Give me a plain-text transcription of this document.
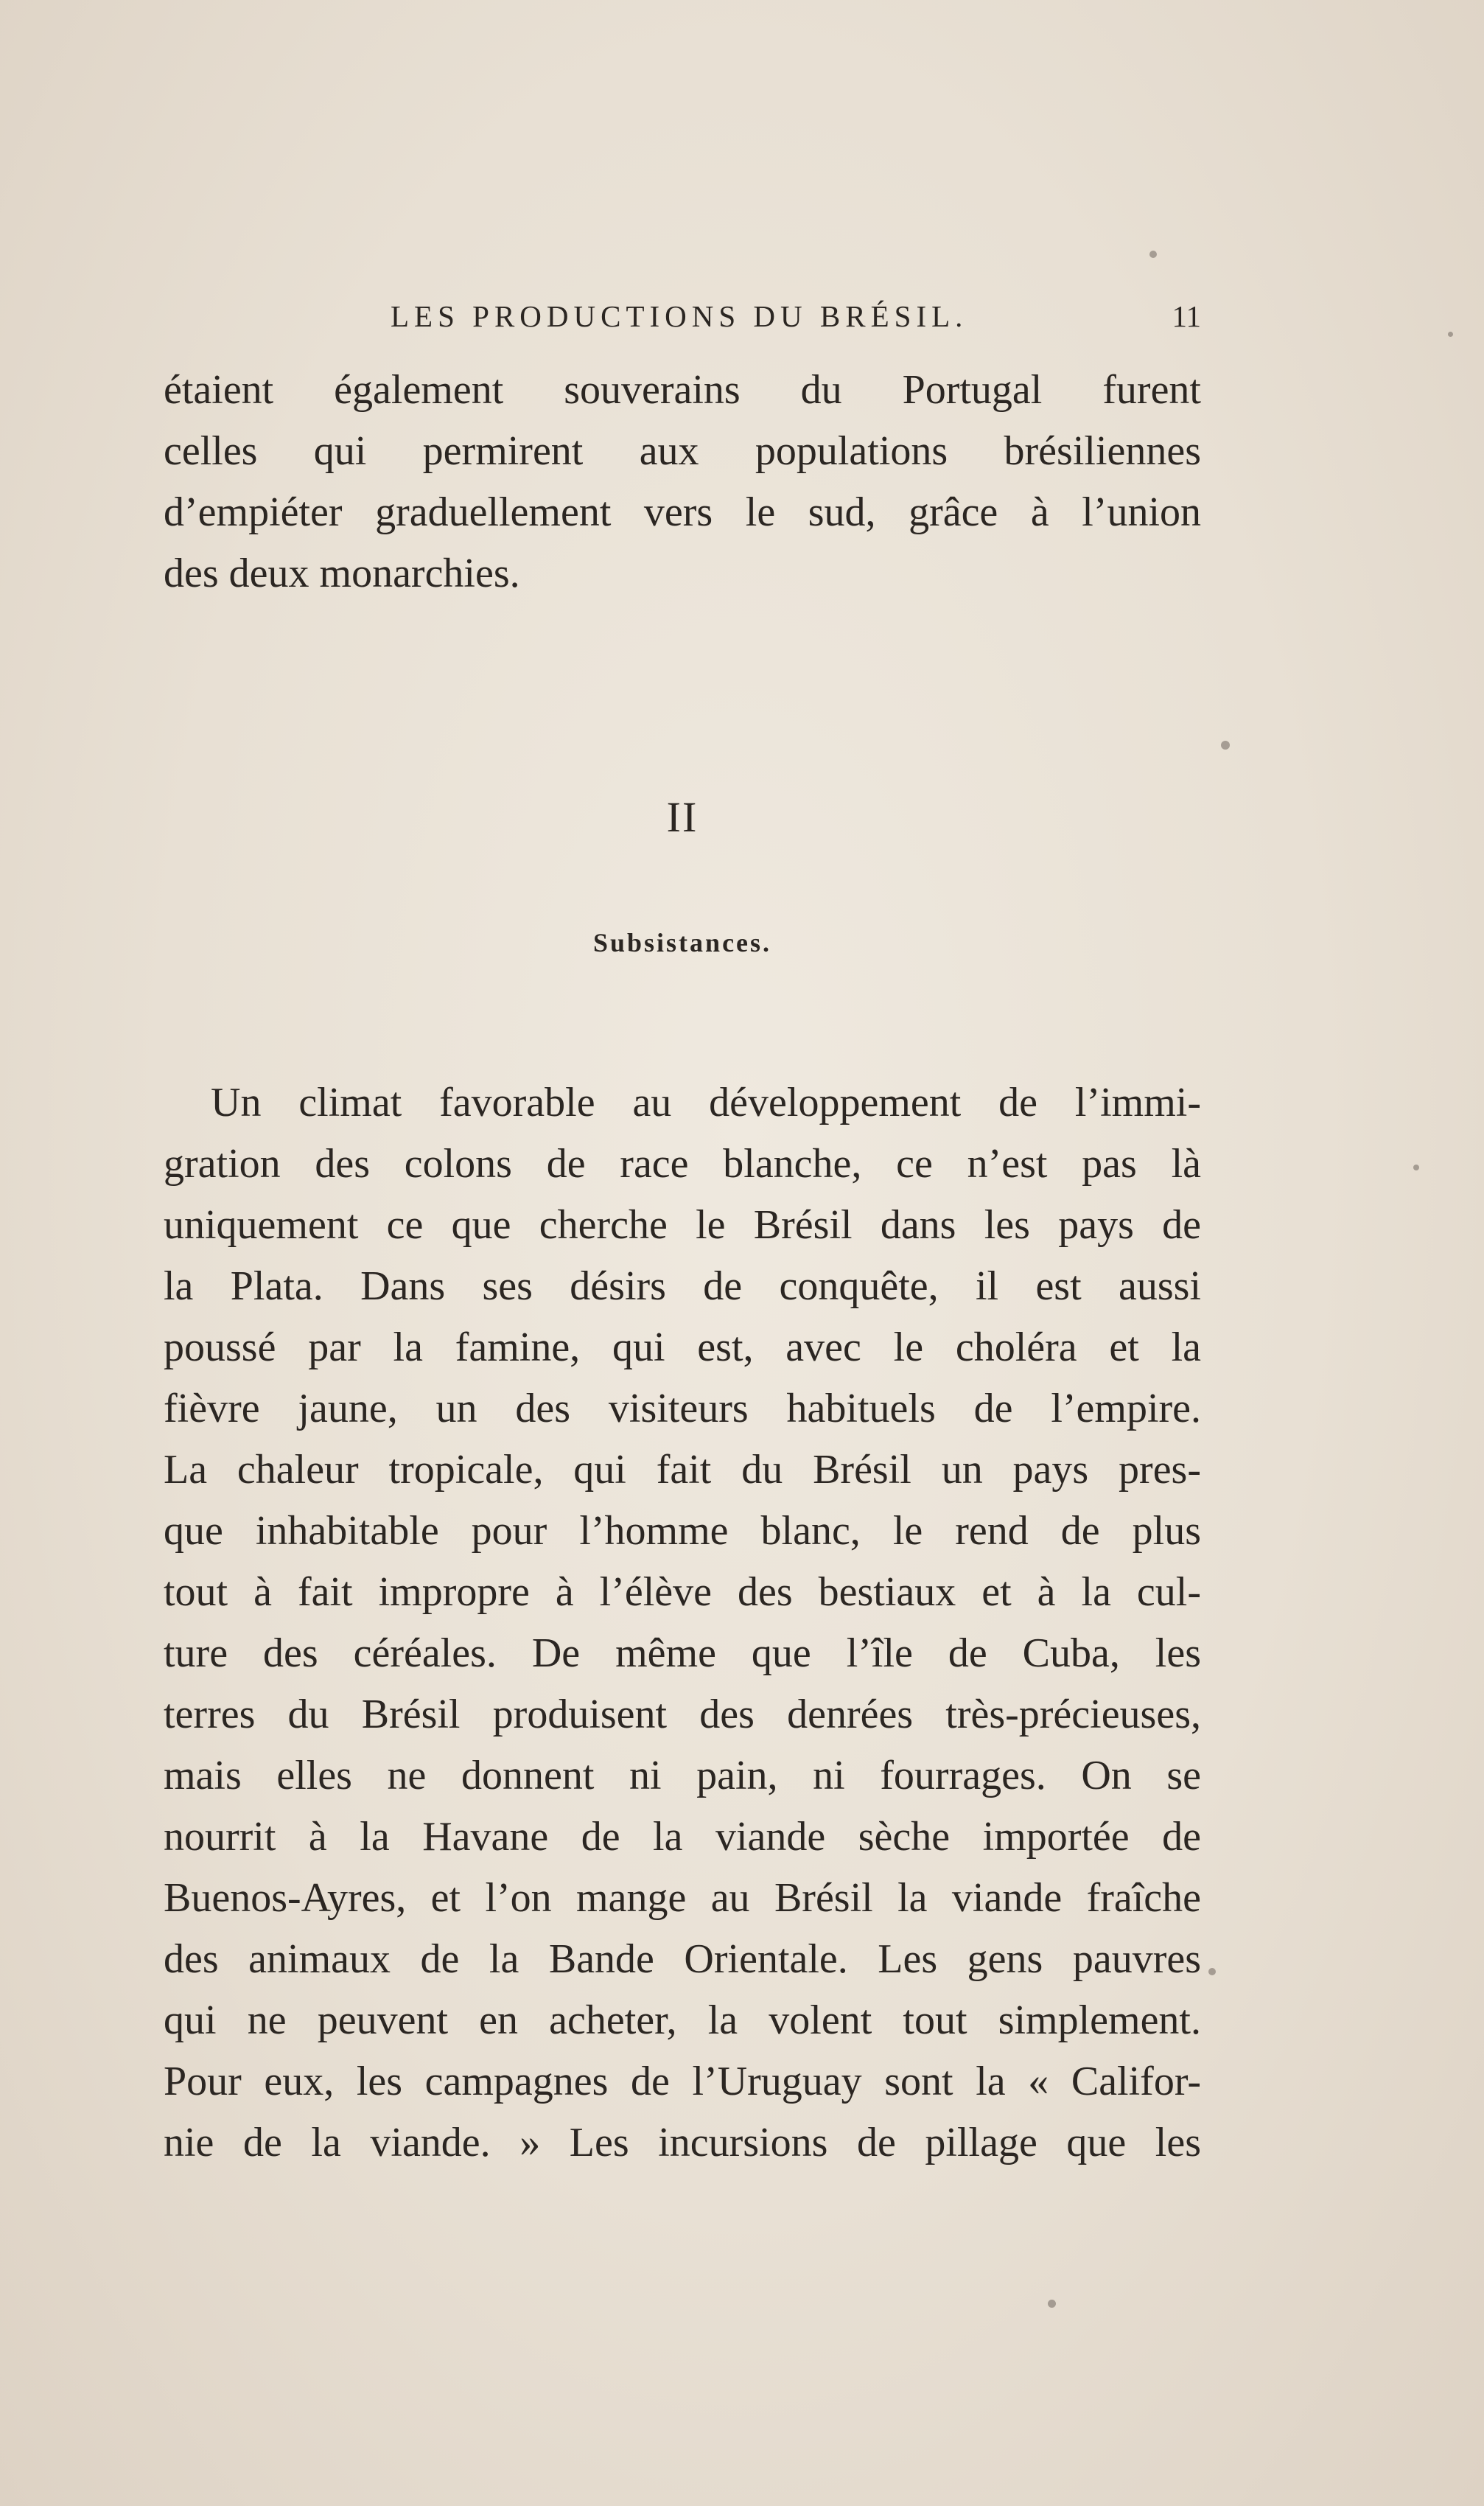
LES PRODUCTIONS DU BRÉSIL.	11
étaient également souverains du Portugal furent
celles qui permirent aux populations brésiliennes
d’empiéter graduellement vers le sud, grâce à l’union
des deux monarchies.
II
Subsistances.
Un climat favorable au développement de l’immi-
gration des colons de race blanche, ce n’est pas là
uniquement ce que cherche le Brésil dans les pays de
la Plata. Dans ses désirs de conquête, il est aussi
poussé par la famine, qui est, avec le choléra et la
fièvre jaune, un des visiteurs habituels de l’empire.
La chaleur tropicale, qui fait du Brésil un pays pres-
que inhabitable pour l’homme blanc, le rend de plus
tout à fait impropre à l’élève des bestiaux et à la cul-
ture des céréales. De même que l’île de Cuba, les
terres du Brésil produisent des denrées très-précieuses,
mais elles ne donnent ni pain, ni fourrages. On se
nourrit à la Havane de la viande sèche importée de
Buenos-Ayres, et l’on mange au Brésil la viande fraîche
des animaux de la Bande Orientale. Les gens pauvres
qui ne peuvent en acheter, la volent tout simplement.
Pour eux, les campagnes de l’Uruguay sont la « Califor-
nie de la viande. » Les incursions de pillage que les
